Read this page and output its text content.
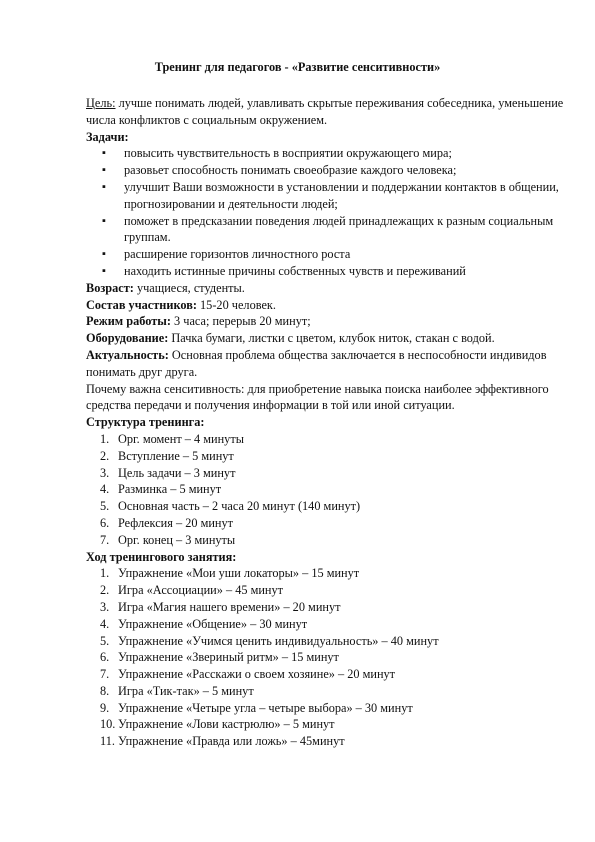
Тренинг для педагогов - «Развитие сенситивности»

Цель: лучше понимать людей, улавливать скрытые переживания собеседника, уменьшение числа конфликтов с социальным окружением.

Задачи:

▪ повысить чувствительность в восприятии окружающего мира;
▪ разовьет способность понимать своеобразие каждого человека;
▪ улучшит Ваши возможности в установлении и поддержании контактов в общении, прогнозировании и деятельности людей;
▪ поможет в предсказании поведения людей принадлежащих к разным социальным группам.
▪ расширение горизонтов личностного роста
▪ находить истинные причины собственных чувств и переживаний

Возраст: учащиеся, студенты.

Состав участников: 15-20 человек.

Режим работы: 3 часа; перерыв 20 минут;

Оборудование: Пачка бумаги, листки с цветом, клубок ниток, стакан с водой.

Актуальность: Основная проблема общества заключается в неспособности индивидов понимать друг друга.

Почему важна сенситивность: для приобретение навыка поиска наиболее эффективного средства передачи и получения информации в той или иной ситуации.

Структура тренинга:

1. Орг. момент – 4 минуты
2. Вступление – 5 минут
3. Цель задачи – 3 минут
4. Разминка – 5 минут
5. Основная часть – 2 часа 20 минут (140 минут)
6. Рефлексия – 20 минут
7. Орг. конец – 3 минуты

Ход тренингового занятия:

1. Упражнение «Мои уши локаторы» – 15 минут
2. Игра «Ассоциации» – 45 минут
3. Игра «Магия нашего времени» – 20 минут
4. Упражнение «Общение» – 30 минут
5. Упражнение «Учимся ценить индивидуальность» – 40 минут
6. Упражнение «Звериный ритм» – 15 минут
7. Упражнение «Расскажи о своем хозяине» – 20 минут
8. Игра «Тик-так» – 5 минут
9. Упражнение «Четыре угла – четыре выбора» – 30 минут
10. Упражнение «Лови кастрюлю» – 5 минут
11. Упражнение «Правда или ложь» – 45минут
